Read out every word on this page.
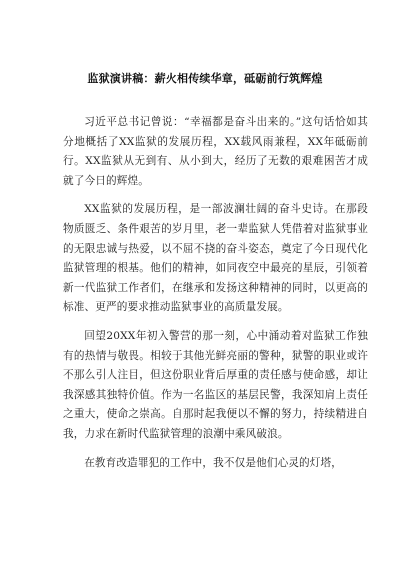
监狱演讲稿：薪火相传续华章，砥砺前行筑辉煌

习近平总书记曾说：“幸福都是奋斗出来的。”这句话恰如其分地概括了XX监狱的发展历程，XX载风雨兼程，XX年砥砺前行。XX监狱从无到有、从小到大，经历了无数的艰难困苦才成就了今日的辉煌。

XX监狱的发展历程，是一部波澜壮阔的奋斗史诗。在那段物质匮乏、条件艰苦的岁月里，老一辈监狱人凭借着对监狱事业的无限忠诚与热爱，以不屈不挠的奋斗姿态，奠定了今日现代化监狱管理的根基。他们的精神，如同夜空中最亮的星辰，引领着新一代监狱工作者们，在继承和发扬这种精神的同时，以更高的标准、更严的要求推动监狱事业的高质量发展。

回望20XX年初入警营的那一刻，心中涌动着对监狱工作独有的热情与敬畏。相较于其他光鲜亮丽的警种，狱警的职业或许不那么引人注目，但这份职业背后厚重的责任感与使命感，却让我深感其独特价值。作为一名监区的基层民警，我深知肩上责任之重大，使命之崇高。自那时起我便以不懈的努力，持续精进自我，力求在新时代监狱管理的浪潮中乘风破浪。

在教育改造罪犯的工作中，我不仅是他们心灵的灯塔，
